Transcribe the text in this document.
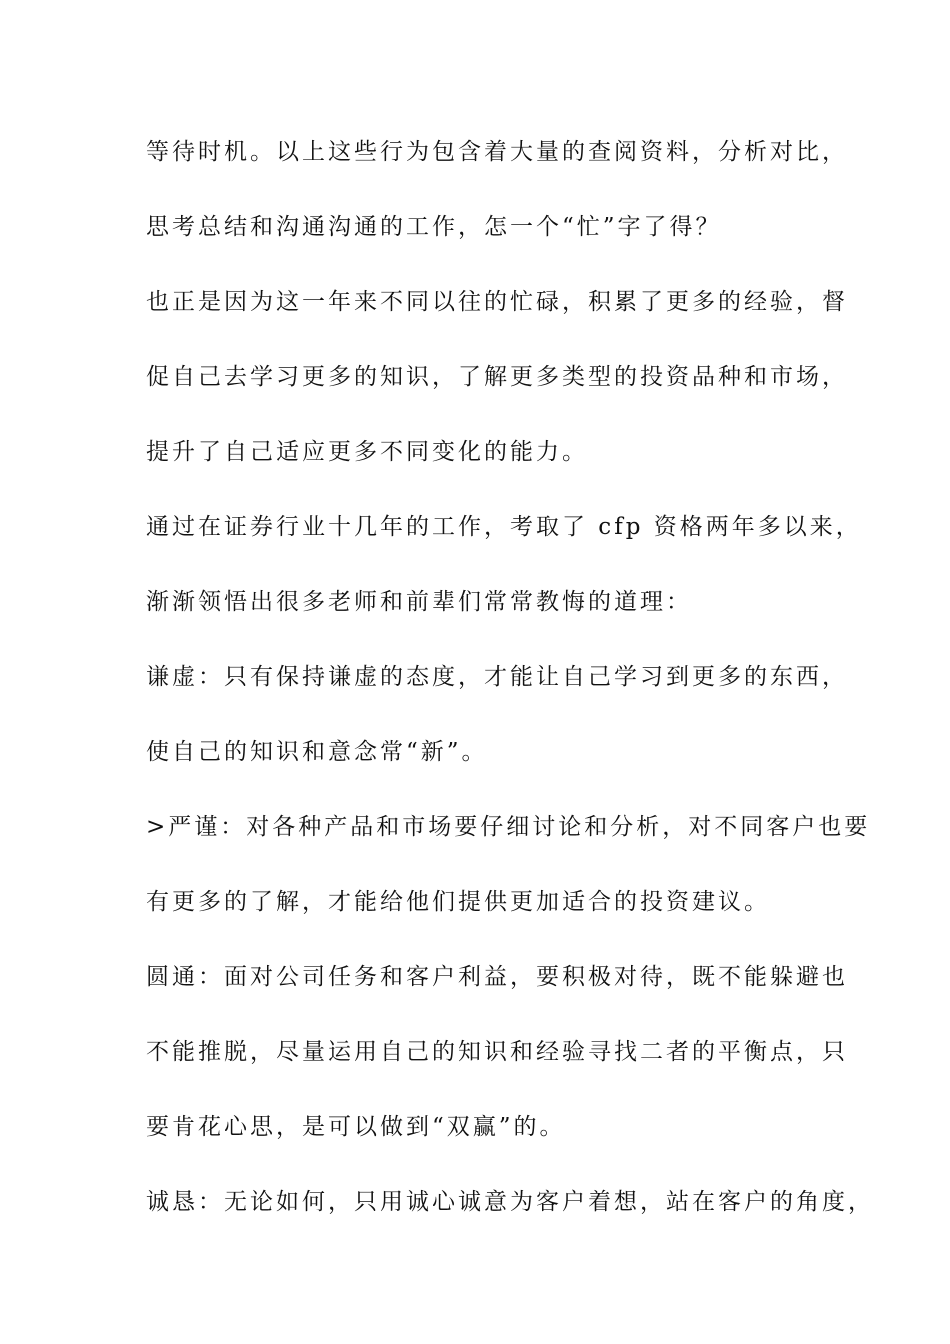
等待时机。以上这些行为包含着大量的查阅资料，分析对比，

思考总结和沟通沟通的工作，怎一个“忙”字了得？

也正是因为这一年来不同以往的忙碌，积累了更多的经验，督

促自己去学习更多的知识，了解更多类型的投资品种和市场，

提升了自己适应更多不同变化的能力。

通过在证券行业十几年的工作，考取了 cfp 资格两年多以来，

渐渐领悟出很多老师和前辈们常常教悔的道理：

谦虚：只有保持谦虚的态度，才能让自己学习到更多的东西，

使自己的知识和意念常“新”。

>严谨：对各种产品和市场要仔细讨论和分析，对不同客户也要

有更多的了解，才能给他们提供更加适合的投资建议。

圆通：面对公司任务和客户利益，要积极对待，既不能躲避也

不能推脱，尽量运用自己的知识和经验寻找二者的平衡点，只

要肯花心思，是可以做到“双赢”的。

诚恳：无论如何，只用诚心诚意为客户着想，站在客户的角度，
